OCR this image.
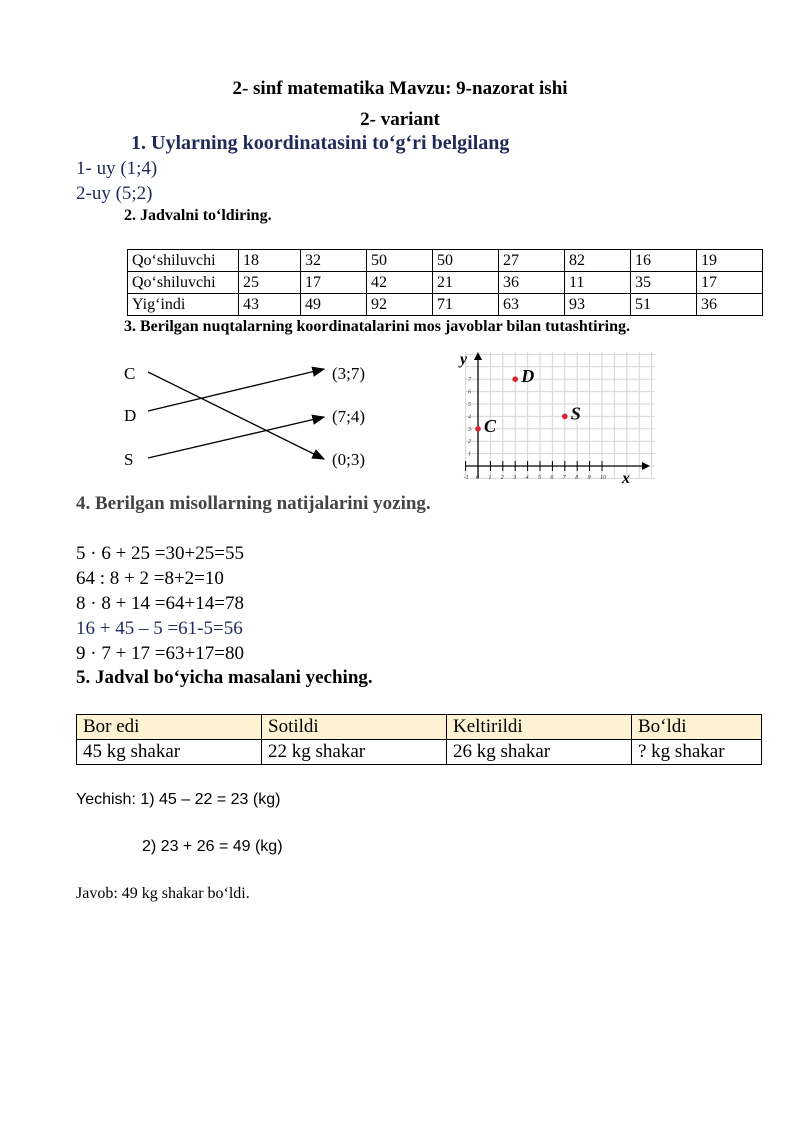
2- sinf matematika Mavzu: 9-nazorat ishi
2- variant
1. Uylarning koordinatasini to‘g‘ri belgilang
1- uy (1;4)
2-uy (5;2)
2. Jadvalni to‘ldiring.
Qo‘shiluvchi	18	32	50	50	27	82	16	19
Qo‘shiluvchi	25	17	42	21	36	11	35	17
Yig‘indi	43	49	92	71	63	93	51	36
3. Berilgan nuqtalarning koordinatalarini mos javoblar bilan tutashtiring.
C
D
S
(3;7)
(7;4)
(0;3)
-1 0 1 2 3 4 5 6 7 8 9 10
1
2
3
4
5
6
7
y
x
D
S
C
4. Berilgan misollarning natijalarini yozing.
5 · 6 + 25 =30+25=55
64 : 8 + 2 =8+2=10
8 · 8 + 14 =64+14=78
16 + 45 – 5 =61-5=56
9 · 7 + 17 =63+17=80
5. Jadval bo‘yicha masalani yeching.
Bor edi	Sotildi	Keltirildi	Bo‘ldi
45 kg shakar	22 kg shakar	26 kg shakar	? kg shakar
Yechish: 1) 45 – 22 = 23 (kg)
2) 23 + 26 = 49 (kg)
Javob: 49 kg shakar bo‘ldi.
